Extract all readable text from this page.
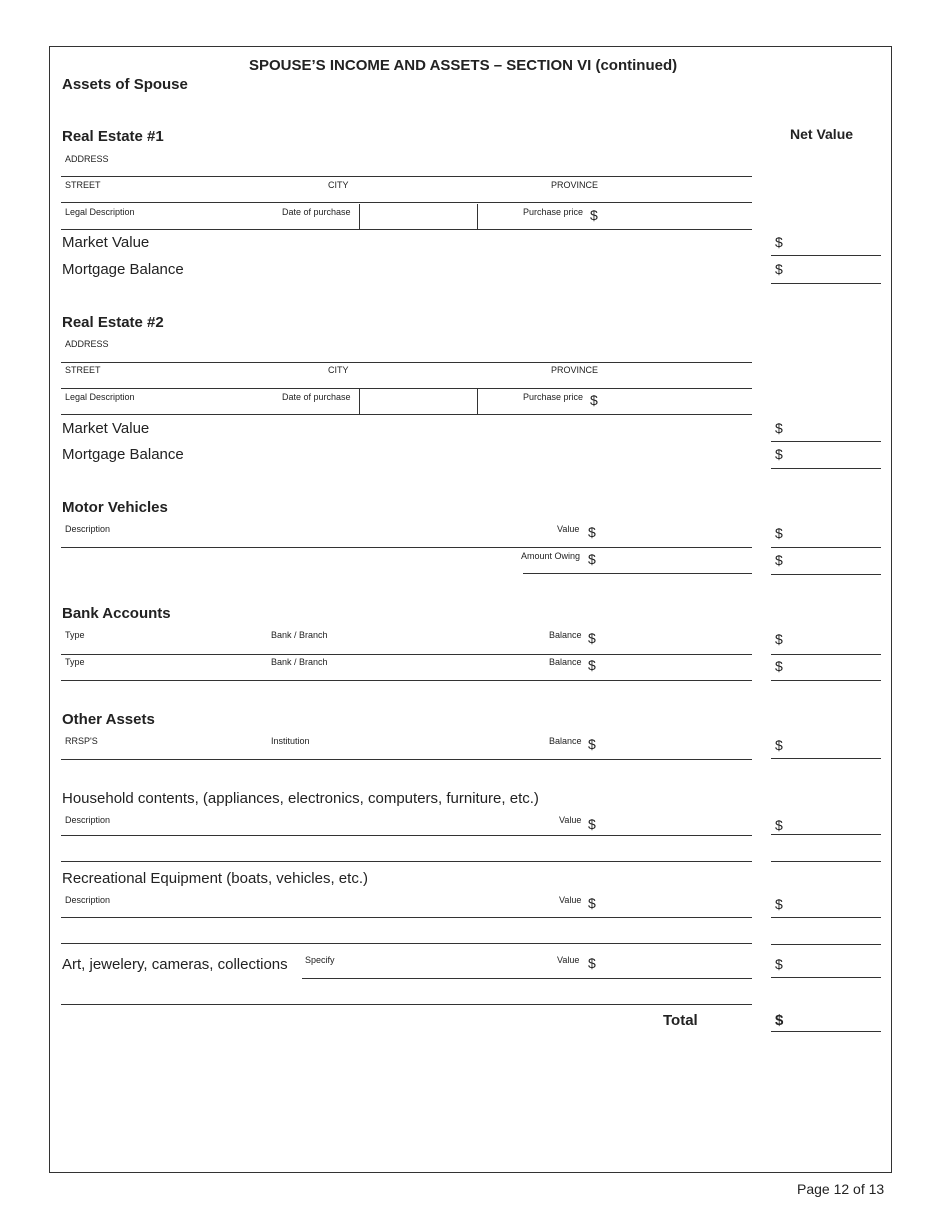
SPOUSE’S INCOME AND ASSETS – SECTION VI (continued)
Assets of Spouse
Net Value
Real Estate #1
ADDRESS
STREET	CITY	PROVINCE
Legal Description	Date of purchase	Purchase price $
Market Value	$
Mortgage Balance	$
Real Estate #2
ADDRESS
STREET	CITY	PROVINCE
Legal Description	Date of purchase	Purchase price $
Market Value	$
Mortgage Balance	$
Motor Vehicles
Description	Value $	$
Amount Owing $	$
Bank Accounts
Type	Bank / Branch	Balance $	$
Type	Bank / Branch	Balance $	$
Other Assets
RRSP'S	Institution	Balance $	$
Household contents, (appliances, electronics, computers, furniture, etc.)
Description	Value $	$
Recreational Equipment (boats, vehicles, etc.)
Description	Value $	$
Art, jewelery, cameras, collections Specify	Value $	$
Total	$
Page 12 of 13
